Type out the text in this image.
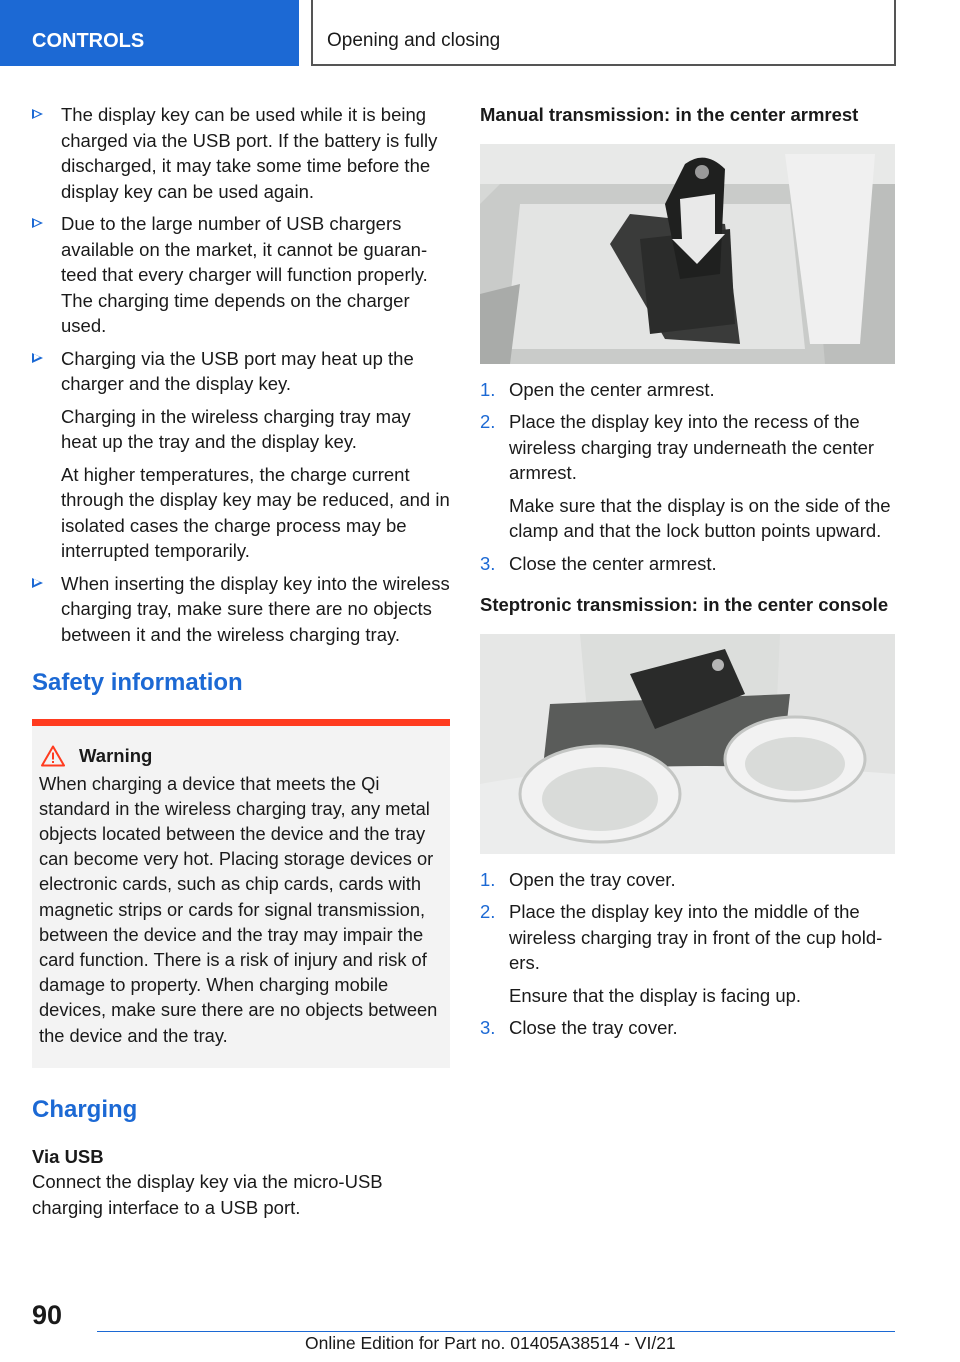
CONTROLS	Opening and closing

The display key can be used while it is being charged via the USB port. If the battery is fully discharged, it may take some time before the display key can be used again.

Due to the large number of USB chargers available on the market, it cannot be guaranteed that every charger will function properly. The charging time depends on the charger used.

Charging via the USB port may heat up the charger and the display key.

Charging in the wireless charging tray may heat up the tray and the display key.

At higher temperatures, the charge current through the display key may be reduced, and in isolated cases the charge process may be interrupted temporarily.

When inserting the display key into the wireless charging tray, make sure there are no objects between it and the wireless charging tray.

Safety information
Warning

When charging a device that meets the Qi standard in the wireless charging tray, any metal objects located between the device and the tray can become very hot. Placing storage devices or electronic cards, such as chip cards, cards with magnetic strips or cards for signal transmission, between the device and the tray may impair the card function. There is a risk of injury and risk of damage to property. When charging mobile devices, make sure there are no objects between the device and the tray.

Charging

Via USB

Connect the display key via the micro-USB charging interface to a USB port.

Manual transmission: in the center armrest

1. Open the center armrest.

2. Place the display key into the recess of the wireless charging tray underneath the center armrest.

Make sure that the display is on the side of the clamp and that the lock button points upward.

3. Close the center armrest.

Steptronic transmission: in the center console

1. Open the tray cover.

2. Place the display key into the middle of the wireless charging tray in front of the cup holders.

Ensure that the display is facing up.

3. Close the tray cover.

90
Online Edition for Part no. 01405A38514 - VI/21
